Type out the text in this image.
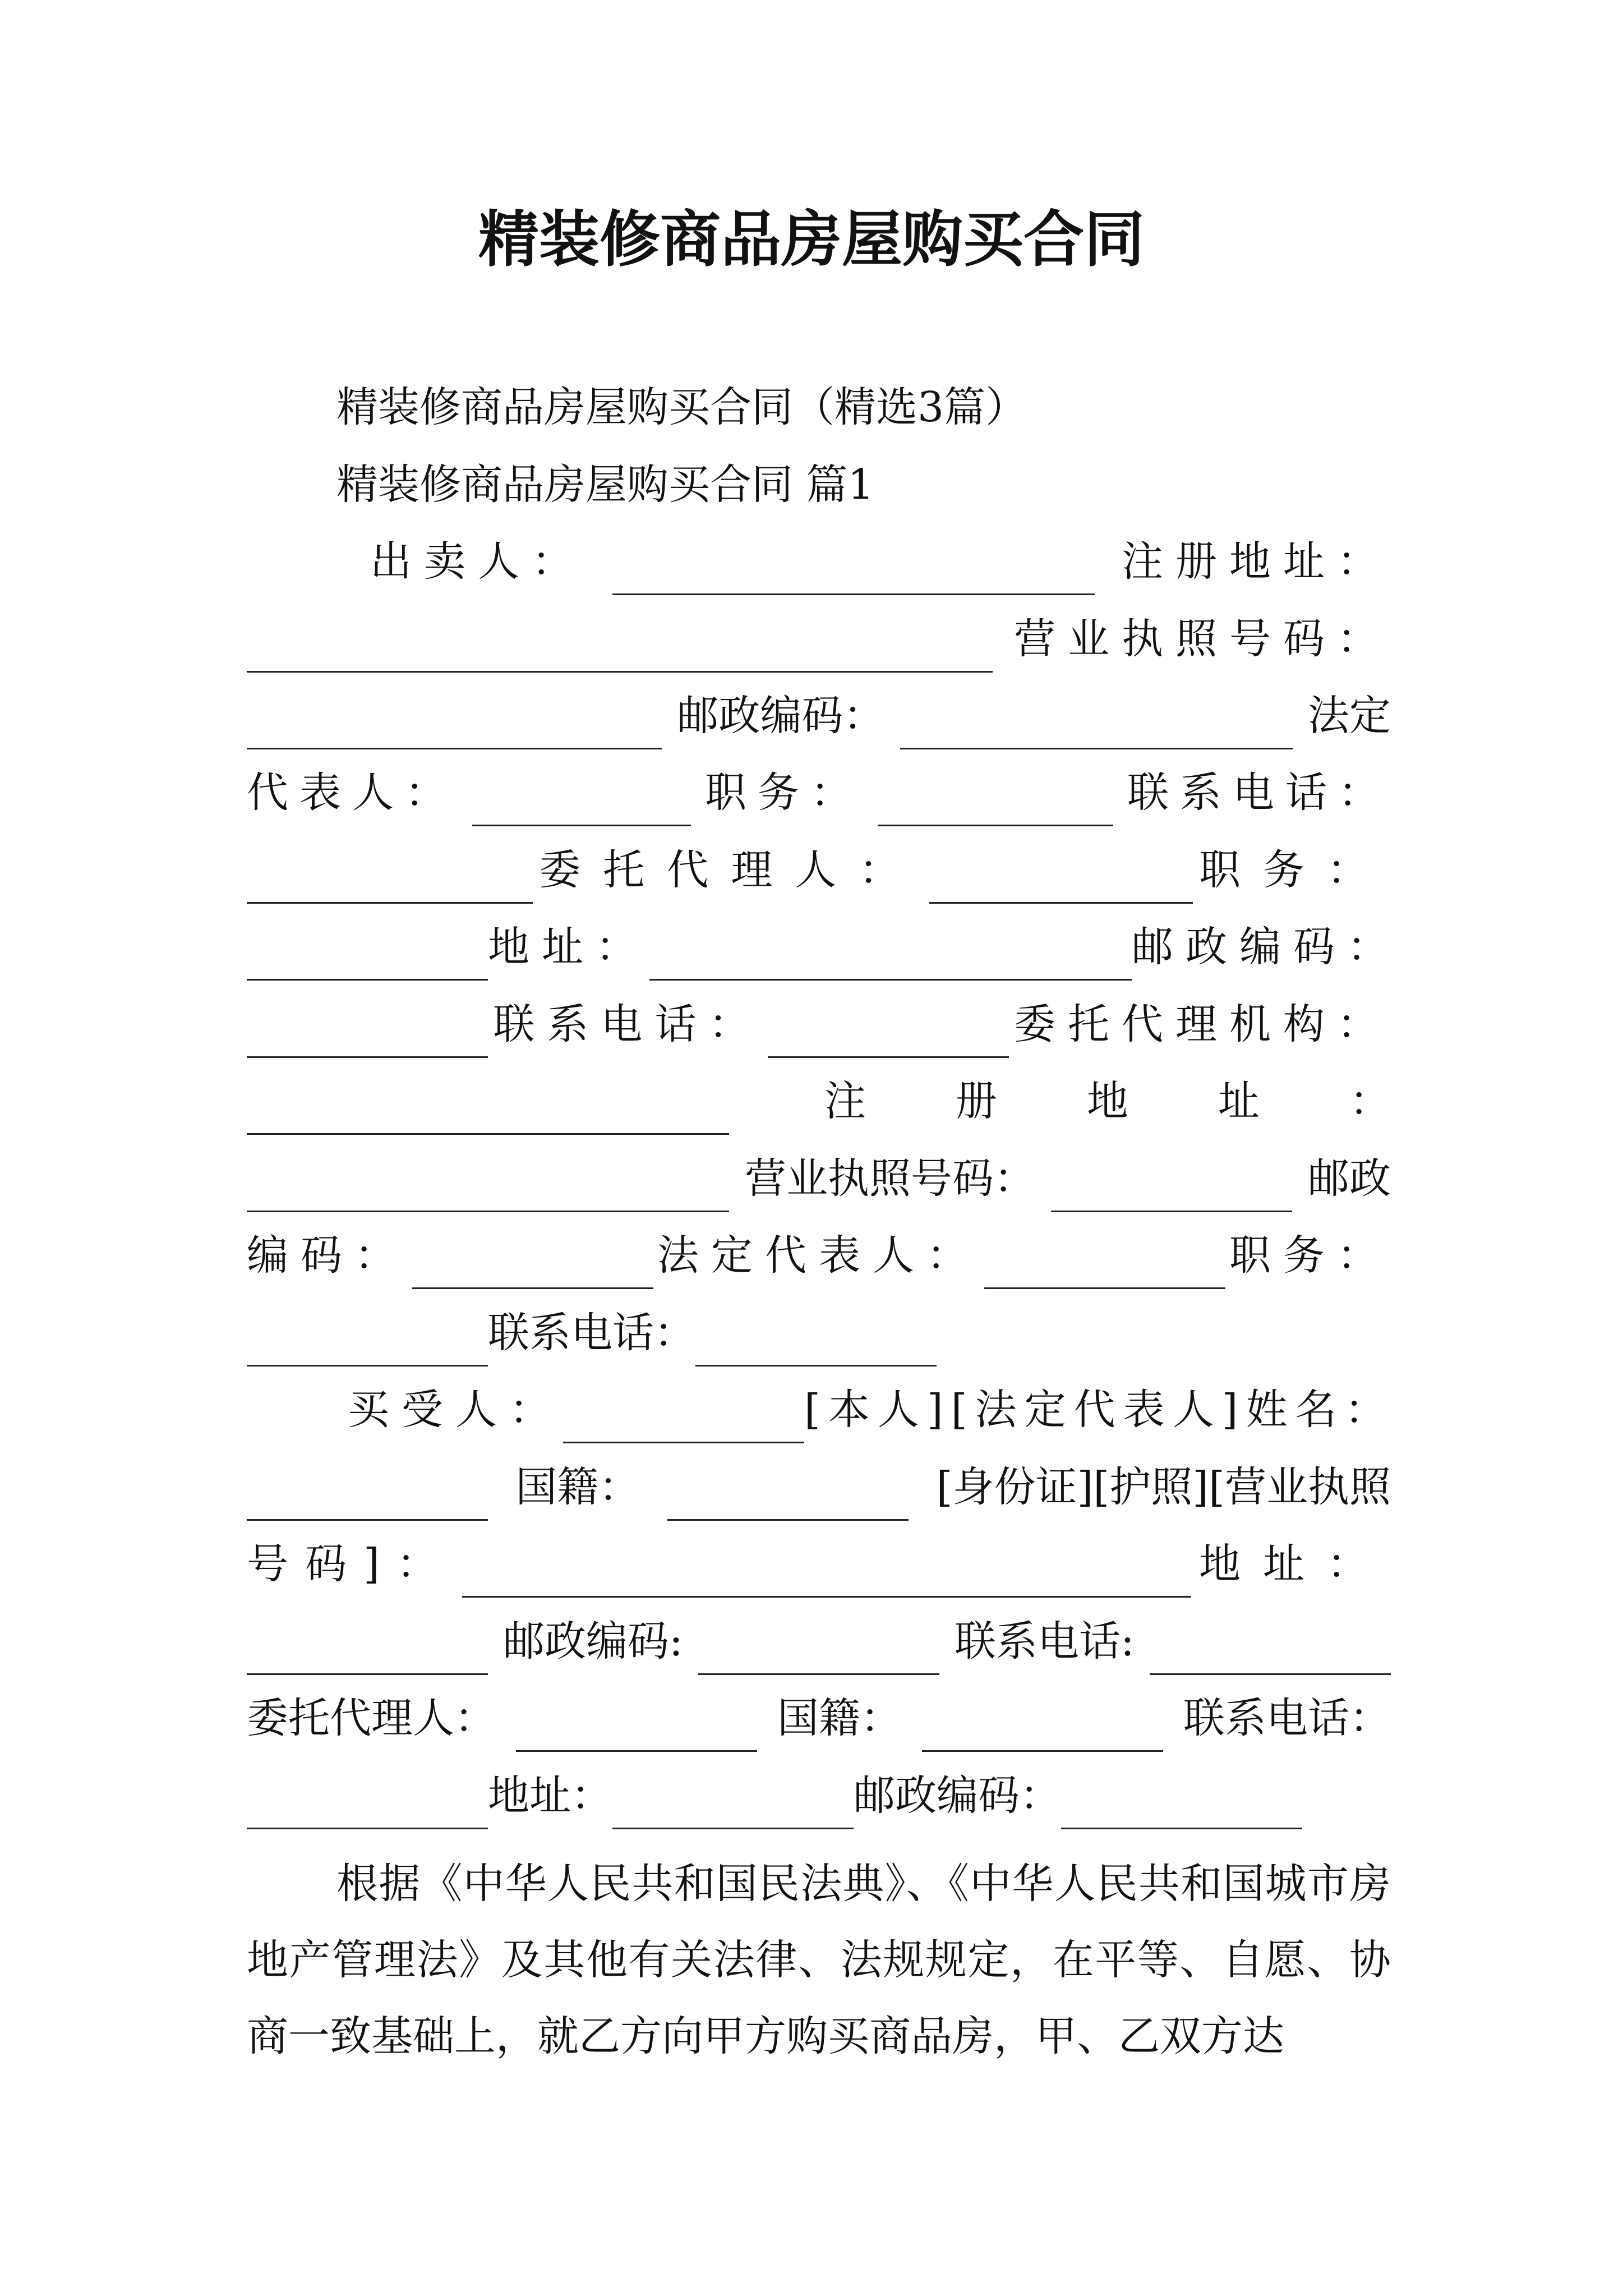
精装修商品房屋购买合同
精装修商品房屋购买合同（精选3篇）
精装修商品房屋购买合同 篇1
出卖人：	注册地址：
营业执照号码：
邮政编码：	法定
代表人：	职务：	联系电话：
委托代理人：	职务：
地址：	邮政编码：
联系电话：	委托代理机构：
注册地址：
营业执照号码：	邮政
编码：	法定代表人：	职务：
联系电话：
买受人：	[本人][法定代表人]姓名：
国籍：	[身份证][护照][营业执照
号码]：	地址：
邮政编码:	联系电话:
委托代理人：	国籍：	联系电话：
地址：	邮政编码：

根据《中华人民共和国民法典》、《中华人民共和国城市房地产管理法》及其他有关法律、法规规定，在平等、自愿、协商一致基础上，就乙方向甲方购买商品房，甲、乙双方达
